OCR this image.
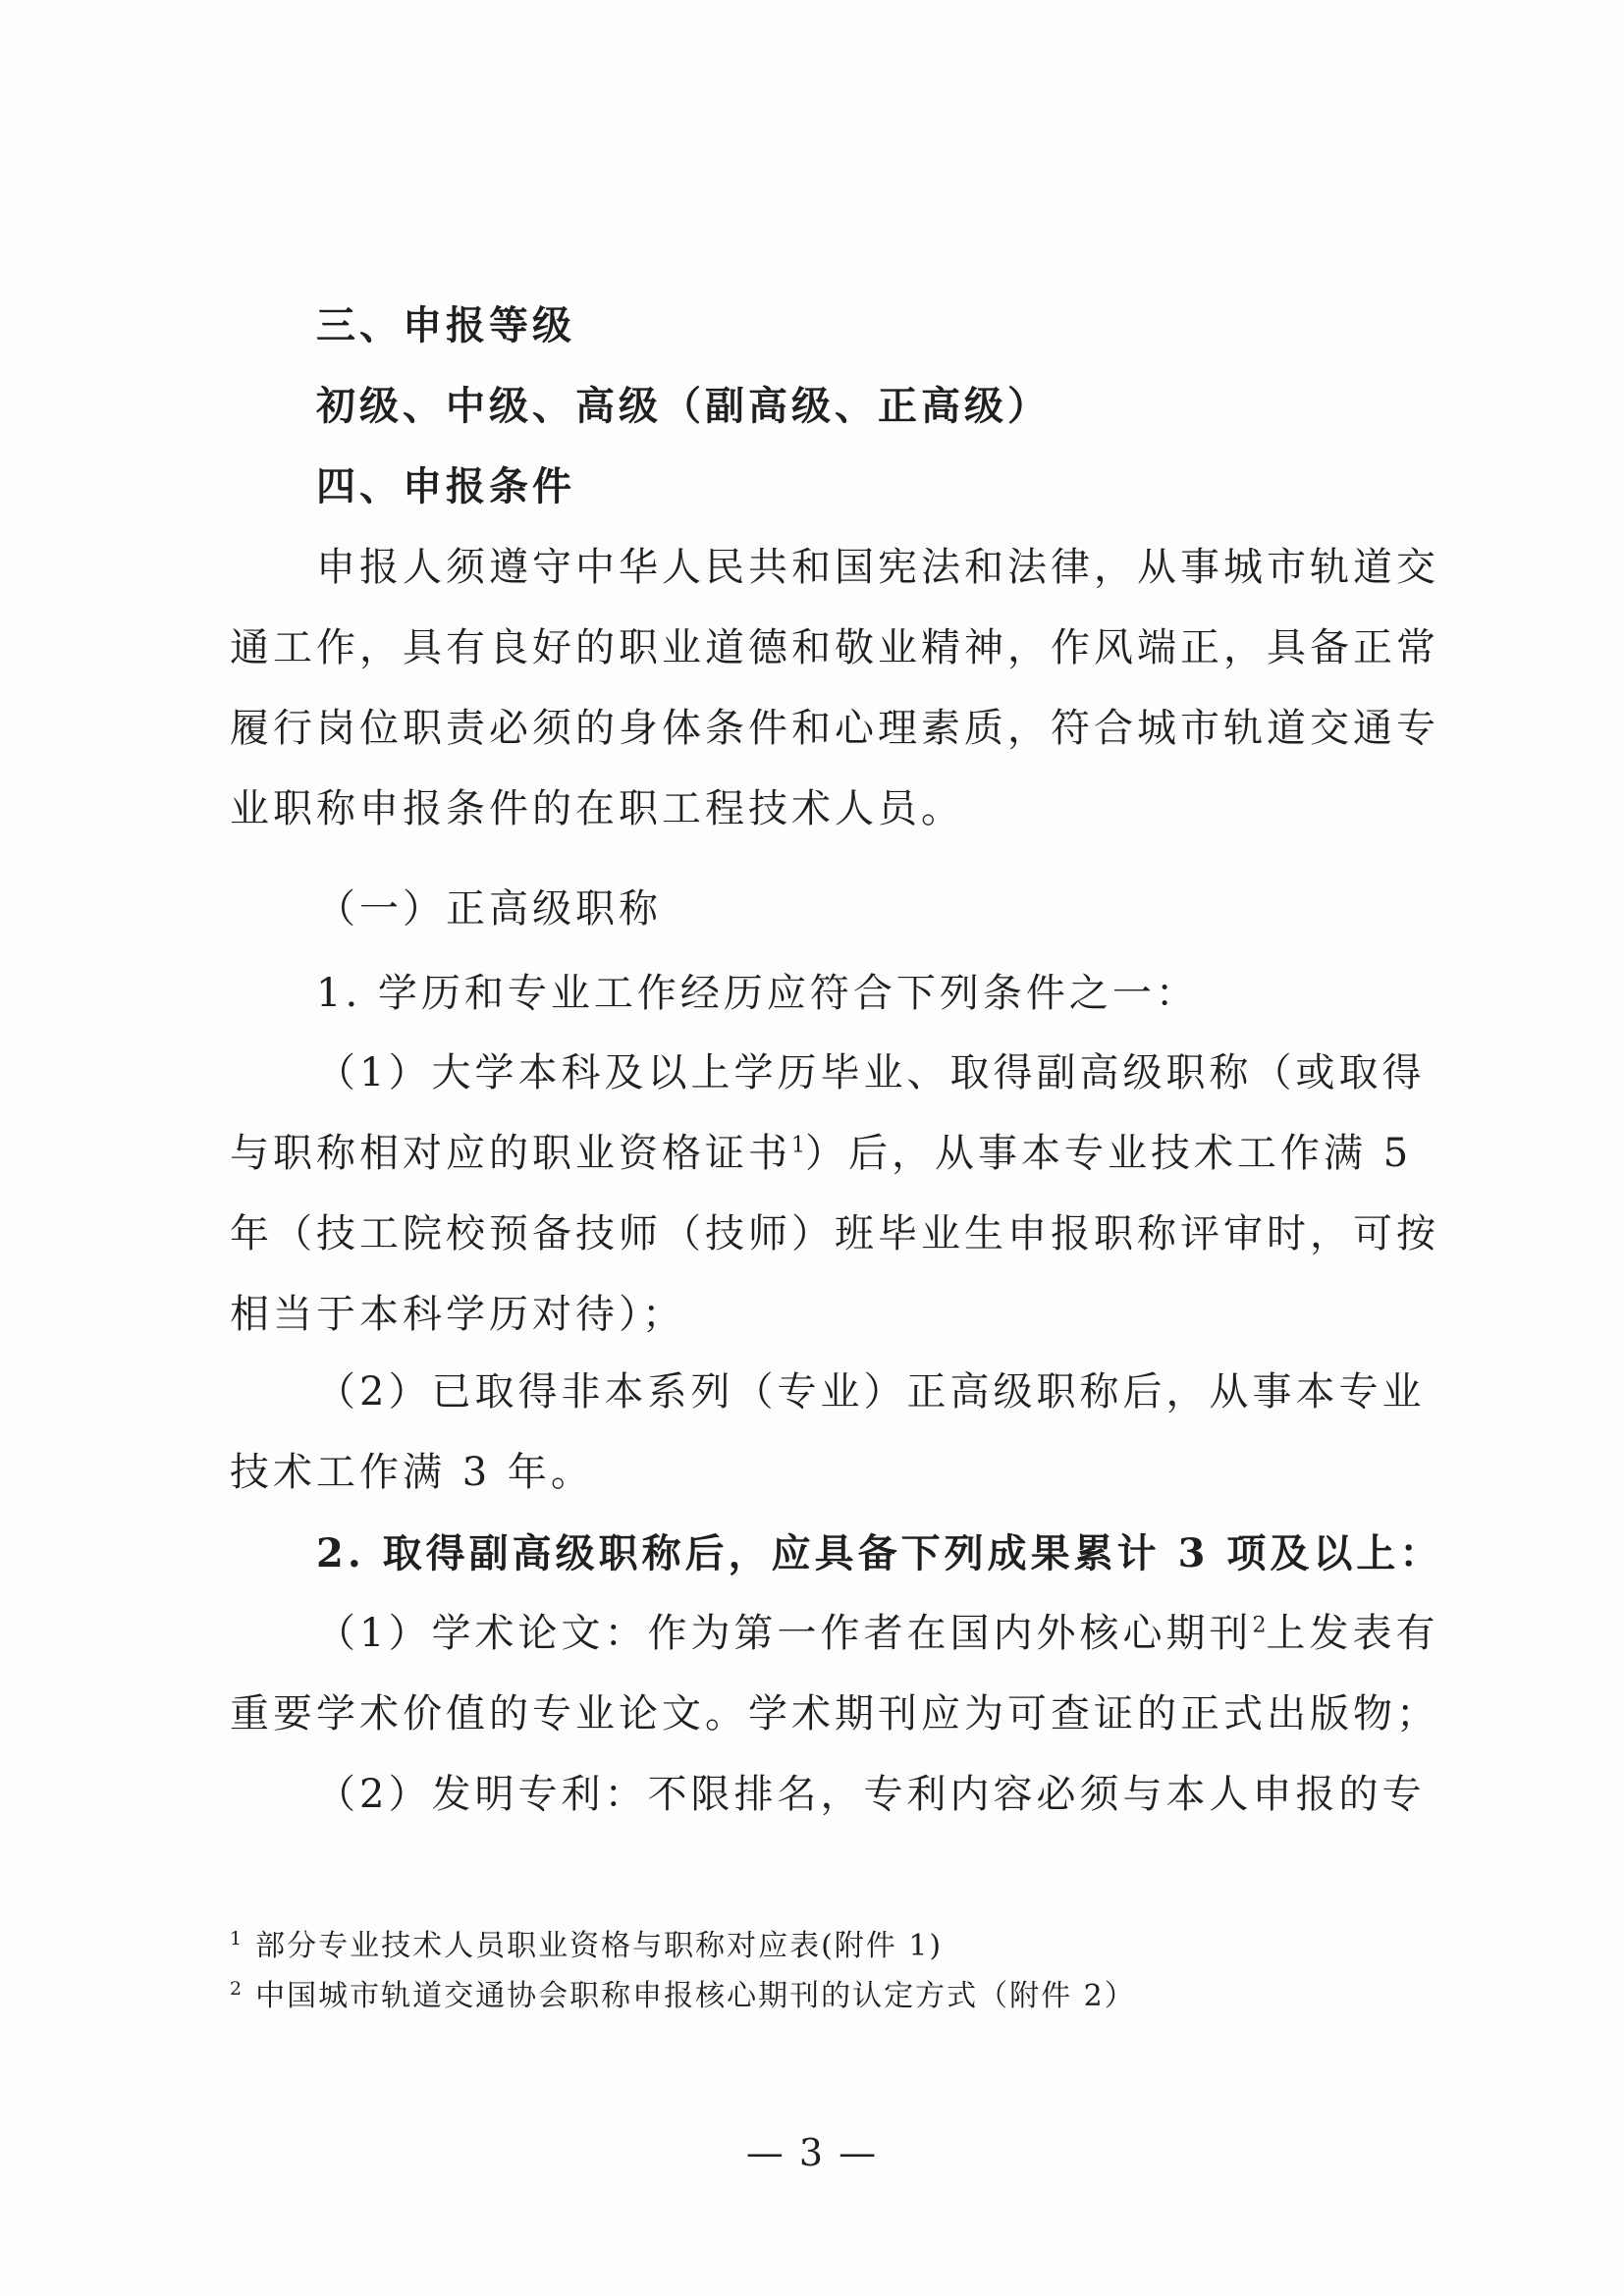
三、申报等级
初级、中级、高级（副高级、正高级）
四、申报条件
申报人须遵守中华人民共和国宪法和法律，从事城市轨道交
通工作，具有良好的职业道德和敬业精神，作风端正，具备正常
履行岗位职责必须的身体条件和心理素质，符合城市轨道交通专
业职称申报条件的在职工程技术人员。
（一）正高级职称
1. 学历和专业工作经历应符合下列条件之一：
（1）大学本科及以上学历毕业、取得副高级职称（或取得
与职称相对应的职业资格证书$^1$）后，从事本专业技术工作满 5
年（技工院校预备技师（技师）班毕业生申报职称评审时，可按
相当于本科学历对待）；
（2）已取得非本系列（专业）正高级职称后，从事本专业
技术工作满 3 年。
2. 取得副高级职称后，应具备下列成果累计 3 项及以上：
（1）学术论文：作为第一作者在国内外核心期刊$^2$上发表有
重要学术价值的专业论文。学术期刊应为可查证的正式出版物；
（2）发明专利：不限排名，专利内容必须与本人申报的专
$^1$ 部分专业技术人员职业资格与职称对应表(附件 1)
$^2$ 中国城市轨道交通协会职称申报核心期刊的认定方式（附件 2）
— 3 —
